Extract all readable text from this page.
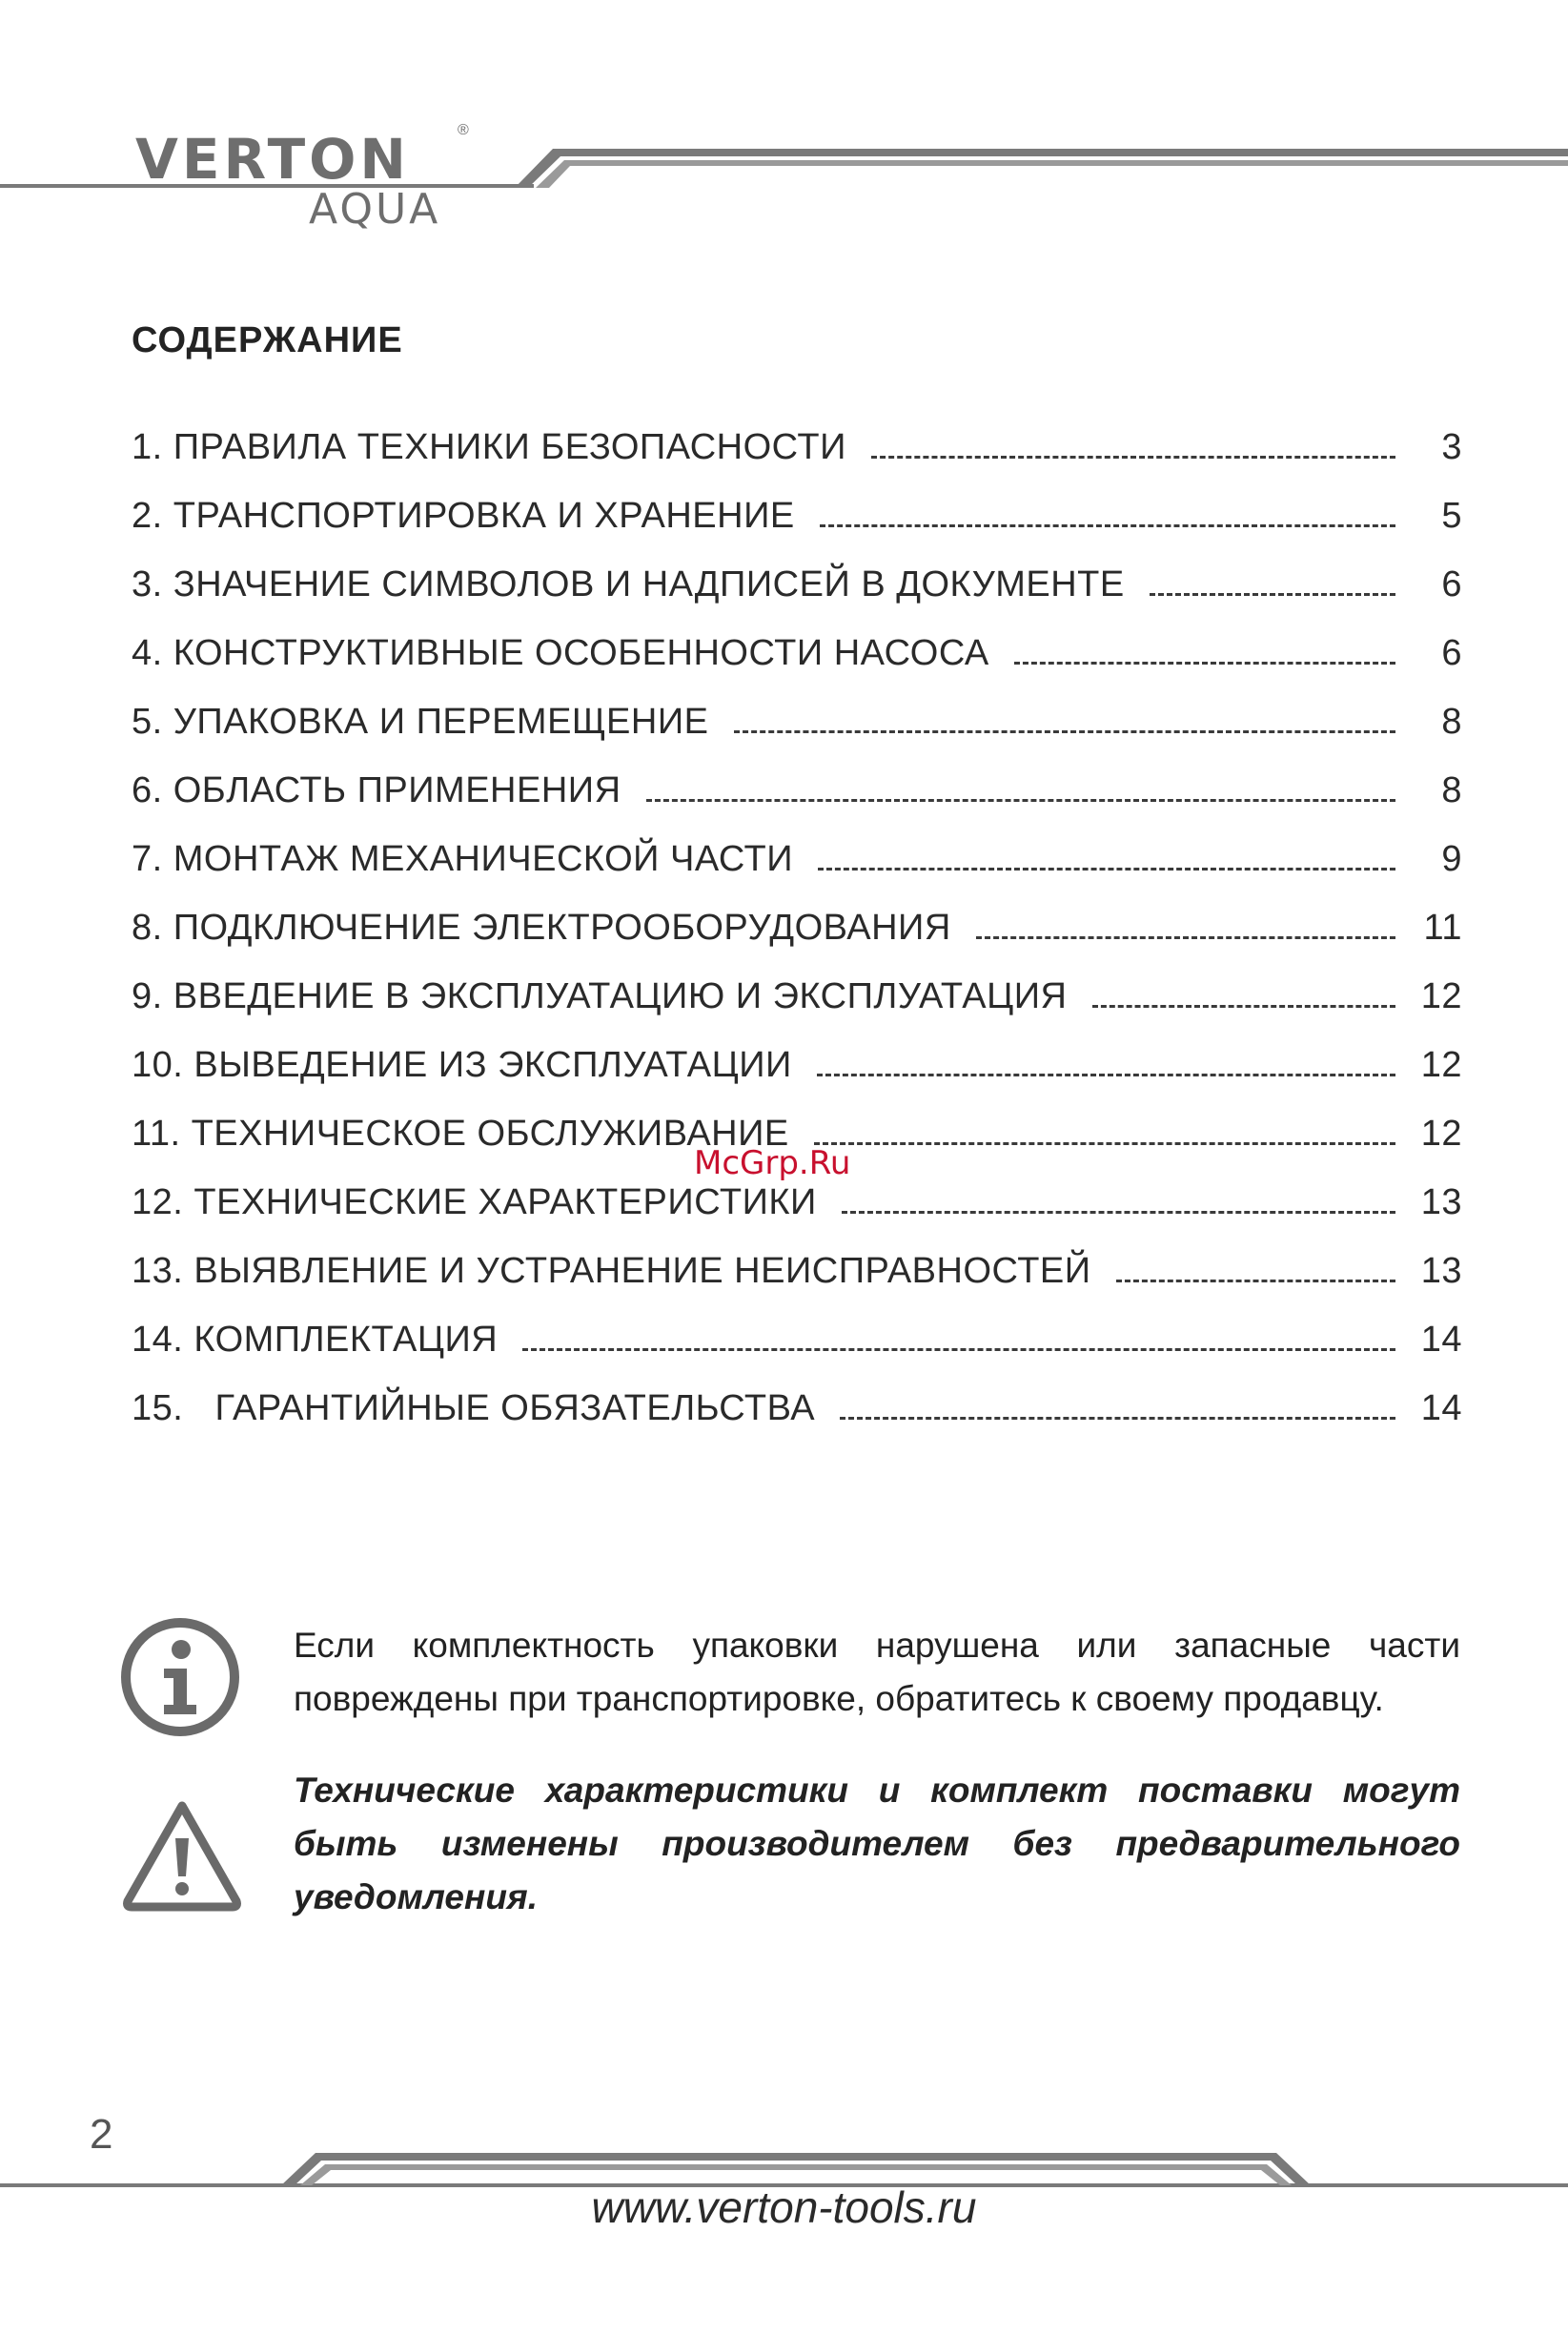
VERTON	®
AQUA
СОДЕРЖАНИЕ
1. ПРАВИЛА ТЕХНИКИ БЕЗОПАСНОСТИ	3
2. ТРАНСПОРТИРОВКА И ХРАНЕНИЕ	5
3. ЗНАЧЕНИЕ СИМВОЛОВ И НАДПИСЕЙ В ДОКУМЕНТЕ	6
4. КОНСТРУКТИВНЫЕ ОСОБЕННОСТИ НАСОСА	6
5. УПАКОВКА И ПЕРЕМЕЩЕНИЕ	8
6. ОБЛАСТЬ ПРИМЕНЕНИЯ	8
7. МОНТАЖ МЕХАНИЧЕСКОЙ ЧАСТИ	9
8. ПОДКЛЮЧЕНИЕ ЭЛЕКТРООБОРУДОВАНИЯ	11
9. ВВЕДЕНИЕ В ЭКСПЛУАТАЦИЮ И ЭКСПЛУАТАЦИЯ	12
10. ВЫВЕДЕНИЕ ИЗ ЭКСПЛУАТАЦИИ	12
11. ТЕХНИЧЕСКОЕ ОБСЛУЖИВАНИЕ	12
12. ТЕХНИЧЕСКИЕ ХАРАКТЕРИСТИКИ	13
13. ВЫЯВЛЕНИЕ И УСТРАНЕНИЕ НЕИСПРАВНОСТЕЙ	13
14. КОМПЛЕКТАЦИЯ	14
15.   ГАРАНТИЙНЫЕ ОБЯЗАТЕЛЬСТВА	14
McGrp.Ru
Если комплектность упаковки нарушена или запасные части повреждены при транспортировке, обратитесь к своему продавцу.
Технические характеристики и комплект поставки могут быть изменены производителем без предварительного уведомления.
2
www.verton-tools.ru
